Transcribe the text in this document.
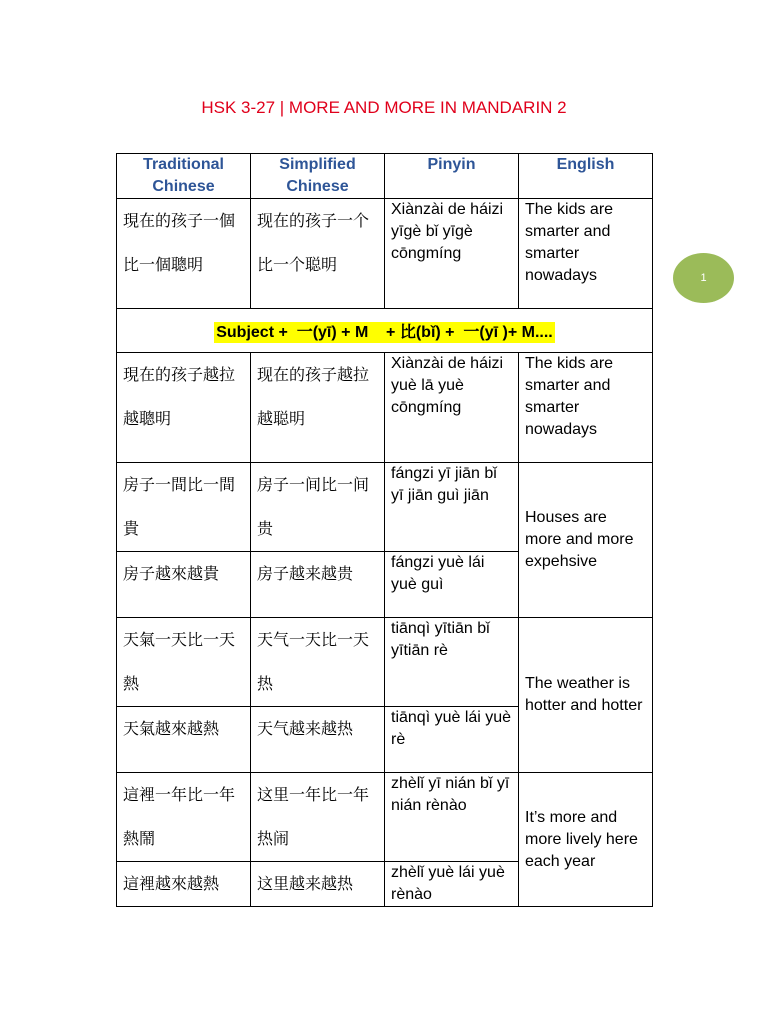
HSK 3-27 | MORE AND MORE IN MANDARIN 2
1
Traditional Chinese	Simplified Chinese	Pinyin	English
現在的孩子一個比一個聰明	现在的孩子一个比一个聪明	Xiànzài de háizi yīgè bǐ yīgè cōngmíng	The kids are smarter and smarter nowadays
Subject +  一(yī) + M    + 比(bǐ) +  一(yī )+ M....			
現在的孩子越拉越聰明	现在的孩子越拉越聪明	Xiànzài de háizi yuè lā yuè cōngmíng	The kids are smarter and smarter nowadays
房子一間比一間貴	房子一间比一间贵	fángzi yī jiān bǐ yī jiān guì jiān	Houses are more and more expehsive
房子越來越貴	房子越来越贵	fángzi yuè lái yuè guì	
天氣一天比一天熱	天气一天比一天热	tiānqì yītiān bǐ yītiān rè	The weather is hotter and hotter
天氣越來越熱	天气越来越热	tiānqì yuè lái yuè rè	
這裡一年比一年熱鬧	这里一年比一年热闹	zhèlǐ yī nián bǐ yī nián rènào	It’s more and more lively here each year
這裡越來越熱	这里越来越热	zhèlǐ yuè lái yuè rènào	
